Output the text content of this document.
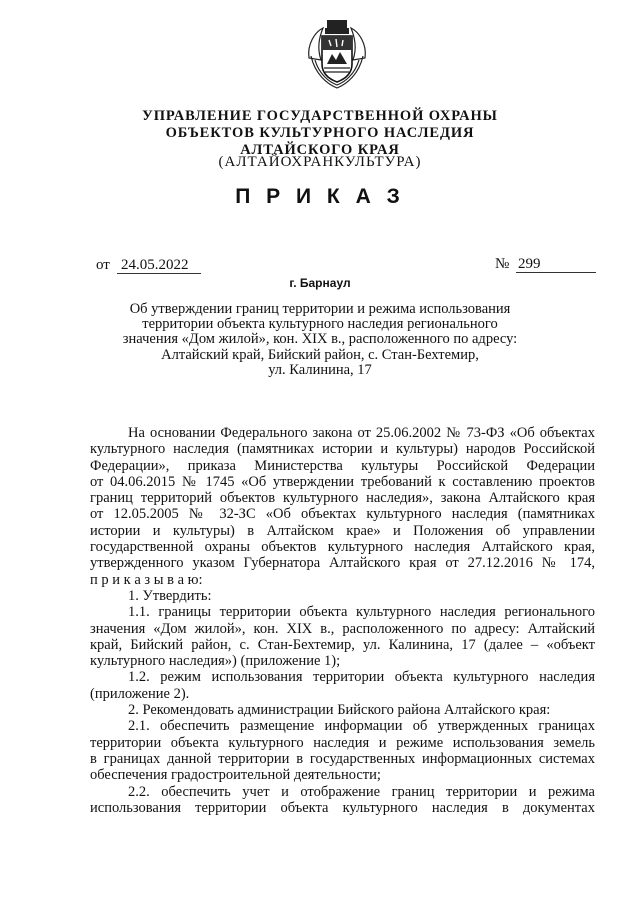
УПРАВЛЕНИЕ ГОСУДАРСТВЕННОЙ ОХРАНЫ
ОБЪЕКТОВ КУЛЬТУРНОГО НАСЛЕДИЯ
АЛТАЙСКОГО КРАЯ
(АЛТАЙОХРАНКУЛЬТУРА)
П Р И К А З
от 24.05.2022	№ 299
г. Барнаул
Об утверждении границ территории и режима использования
территории объекта культурного наследия регионального
значения «Дом жилой», кон. XIX в., расположенного по адресу:
Алтайский край, Бийский район, с. Стан-Бехтемир,
ул. Калинина, 17
На основании Федерального закона от 25.06.2002 № 73-ФЗ «Об объектах
культурного наследия (памятниках истории и культуры) народов Российской
Федерации», приказа Министерства культуры Российской Федерации
от 04.06.2015 № 1745 «Об утверждении требований к составлению проектов
границ территорий объектов культурного наследия», закона Алтайского края
от 12.05.2005 № 32-ЗС «Об объектах культурного наследия (памятниках
истории и культуры) в Алтайском крае» и Положения об управлении
государственной охраны объектов культурного наследия Алтайского края,
утвержденного указом Губернатора Алтайского края от 27.12.2016 № 174,
п р и к а з ы в а ю:
1. Утвердить:
1.1. границы территории объекта культурного наследия регионального
значения «Дом жилой», кон. XIX в., расположенного по адресу: Алтайский
край, Бийский район, с. Стан-Бехтемир, ул. Калинина, 17 (далее – «объект
культурного наследия») (приложение 1);
1.2. режим использования территории объекта культурного наследия
(приложение 2).
2. Рекомендовать администрации Бийского района Алтайского края:
2.1. обеспечить размещение информации об утвержденных границах
территории объекта культурного наследия и режиме использования земель
в границах данной территории в государственных информационных системах
обеспечения градостроительной деятельности;
2.2. обеспечить учет и отображение границ территории и режима
использования территории объекта культурного наследия в документах
